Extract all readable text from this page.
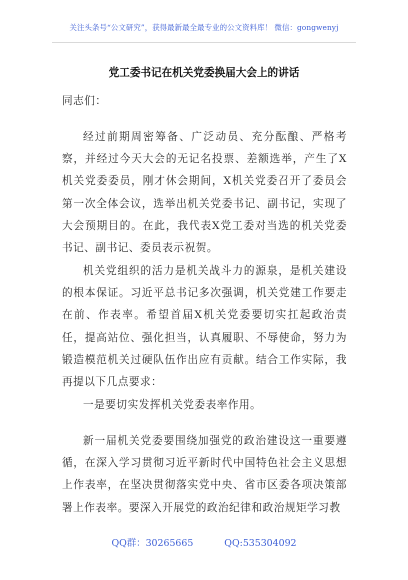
关注头条号“公文研究”，获得最新最全最专业的公文资料库！ 微信：gongwenyj
党工委书记在机关党委换届大会上的讲话
同志们：
经过前期周密筹备、广泛动员、充分酝酿、严格考察，并经过今天大会的无记名投票、差额选举，产生了X机关党委委员，刚才休会期间，X机关党委召开了委员会第一次全体会议，选举出机关党委书记、副书记，实现了大会预期目的。在此，我代表X党工委对当选的机关党委书记、副书记、委员表示祝贺。
机关党组织的活力是机关战斗力的源泉，是机关建设的根本保证。习近平总书记多次强调，机关党建工作要走在前、作表率。希望首届X机关党委要切实扛起政治责任，提高站位、强化担当，认真履职、不辱使命，努力为锻造模范机关过硬队伍作出应有贡献。结合工作实际，我再提以下几点要求：
一是要切实发挥机关党委表率作用。
新一届机关党委要围绕加强党的政治建设这一重要遵循，在深入学习贯彻习近平新时代中国特色社会主义思想上作表率，在坚决贯彻落实党中央、省市区委各项决策部署上作表率。要深入开展党的政治纪律和政治规矩学习教
QQ群：30265665	QQ:535304092
